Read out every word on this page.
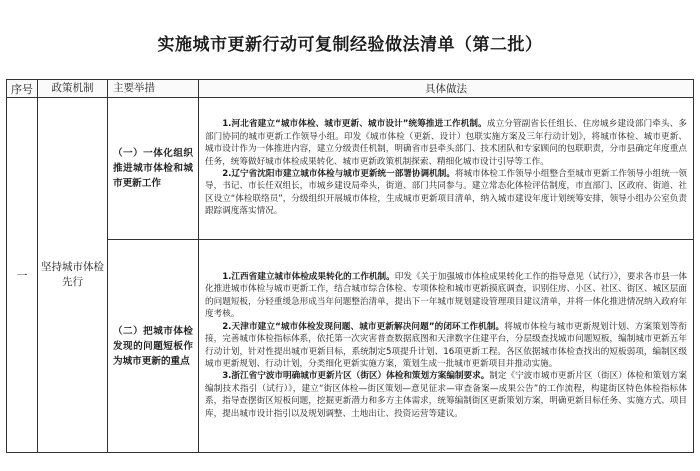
实施城市更新行动可复制经验做法清单（第二批）
序号	政策机制	主要举措	具体做法
一	坚持城市体检先行	（一）一体化组织推进城市体检和城市更新工作	1.河北省建立“城市体检、城市更新、城市设计”统筹推进工作机制。成立分管副省长任组长、住房城乡建设部门牵头、多部门协同的城市更新工作领导小组。印发《城市体检（更新、设计）包联实施方案及三年行动计划》，将城市体检、城市更新、城市设计作为一体推进内容，建立分级责任机制，明确省市县牵头部门、技术团队和专家顾问的包联职责，分市县确定年度重点任务，统筹做好城市体检成果转化、城市更新政策机制探索、精细化城市设计引导等工作。

2.辽宁省沈阳市建立城市体检与城市更新统一部署协调机制。将城市体检工作领导小组整合至城市更新工作领导小组统一领导，书记、市长任双组长，市城乡建设局牵头，街道、部门共同参与。建立常态化体检评估制度，市直部门、区政府、街道、社区设立“体检联络员”，分级组织开展城市体检，生成城市更新项目清单，纳入城市建设年度计划统筹安排，领导小组办公室负责跟踪调度落实情况。

		（二）把城市体检发现的问题短板作为城市更新的重点	1.江西省建立城市体检成果转化的工作机制。印发《关于加强城市体检成果转化工作的指导意见（试行）》，要求各市县一体化推进城市体检与城市更新工作，结合城市综合体检、专项体检和城市更新摸底调查，识别住房、小区、社区、街区、城区层面的问题短板，分轻重缓急形成当年问题整治清单，提出下一年城市规划建设管理项目建议清单，并将一体化推进情况纳入政府年度考核。

2.天津市建立“城市体检发现问题、城市更新解决问题”的闭环工作机制。将城市体检与城市更新规划计划、方案策划等衔接，完善城市体检指标体系，依托第一次灾害普查数据底图和天津数字住建平台，分层级查找城市问题短板，编制城市更新五年行动计划，针对性提出城市更新目标，系统制定5项提升计划、16项更新工程。各区依据城市体检查找出的短板弱项，编制区级城市更新规划、行动计划，分类细化更新实施方案，策划生成一批城市更新项目并推动实施。

3.浙江省宁波市明确城市更新片区（街区）体检和策划方案编制要求。制定《宁波市城市更新片区（街区）体检和策划方案编制技术指引（试行）》，建立“街区体检—街区策划—意见征求—审查备案—成果公告”的工作流程，构建街区特色体检指标体系，指导查摆街区短板问题，挖掘更新潜力和多方主体需求，统筹编制街区更新策划方案，明确更新目标任务、实施方式、项目库，提出城市设计指引以及规划调整、土地出让、投资运营等建议。
